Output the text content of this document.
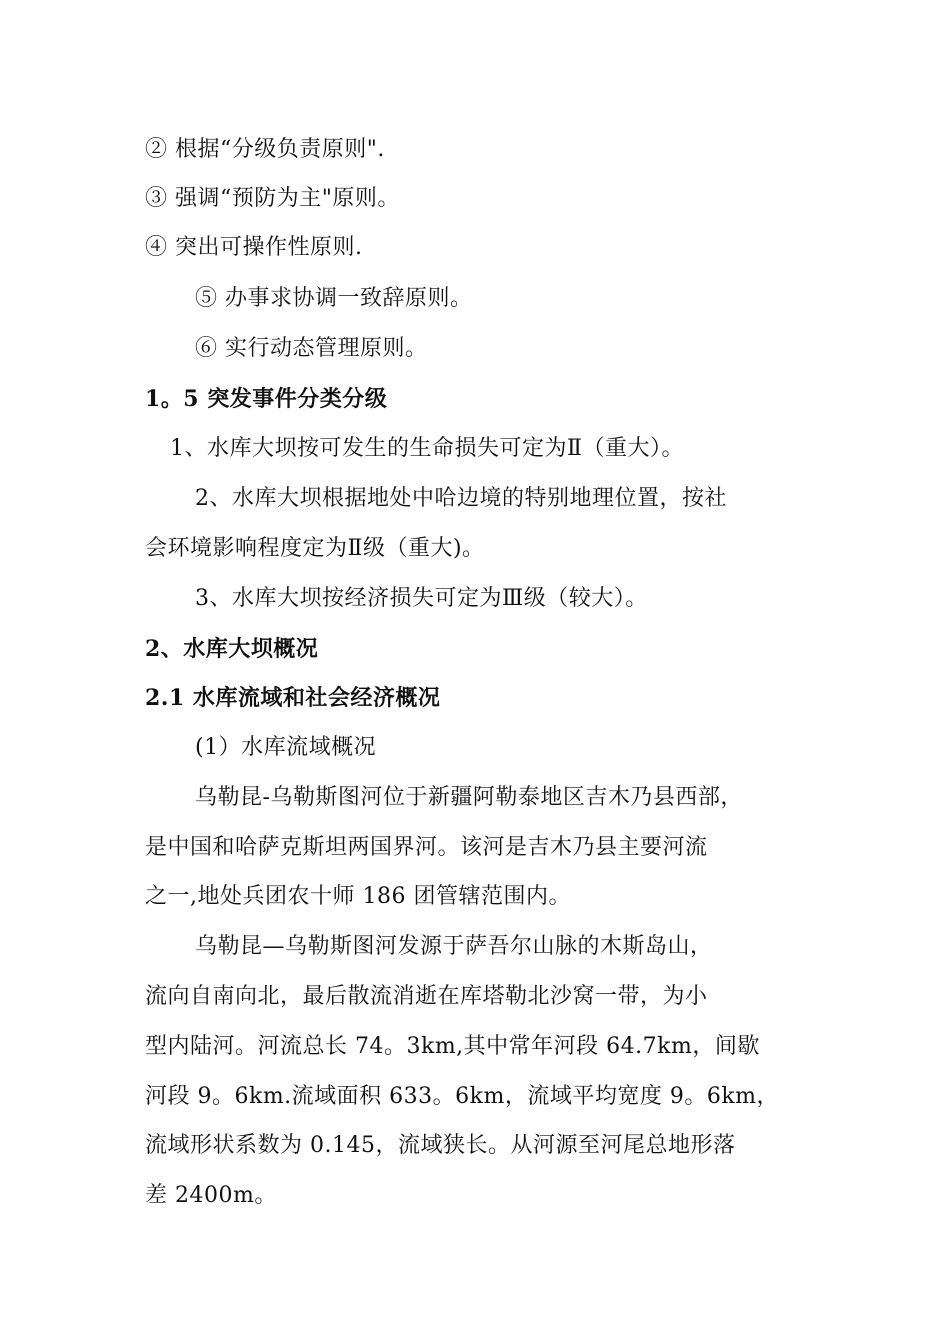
② 根据“分级负责原则".
③ 强调“预防为主"原则。
④ 突出可操作性原则.
⑤ 办事求协调一致辞原则。
⑥ 实行动态管理原则。
1。5 突发事件分类分级
1、水库大坝按可发生的生命损失可定为Ⅱ（重大）。
2、水库大坝根据地处中哈边境的特别地理位置，按社
会环境影响程度定为Ⅱ级（重大)。
3、水库大坝按经济损失可定为Ⅲ级（较大）。
2、水库大坝概况
2.1 水库流域和社会经济概况
(1）水库流域概况
乌勒昆-乌勒斯图河位于新疆阿勒泰地区吉木乃县西部，
是中国和哈萨克斯坦两国界河。该河是吉木乃县主要河流
之一,地处兵团农十师 186 团管辖范围内。
乌勒昆—乌勒斯图河发源于萨吾尔山脉的木斯岛山，
流向自南向北，最后散流消逝在库塔勒北沙窝一带，为小
型内陆河。河流总长 74。3km,其中常年河段 64.7km，间歇
河段 9。6km.流域面积 633。6km，流域平均宽度 9。6km，
流域形状系数为 0.145，流域狭长。从河源至河尾总地形落
差 2400m。
